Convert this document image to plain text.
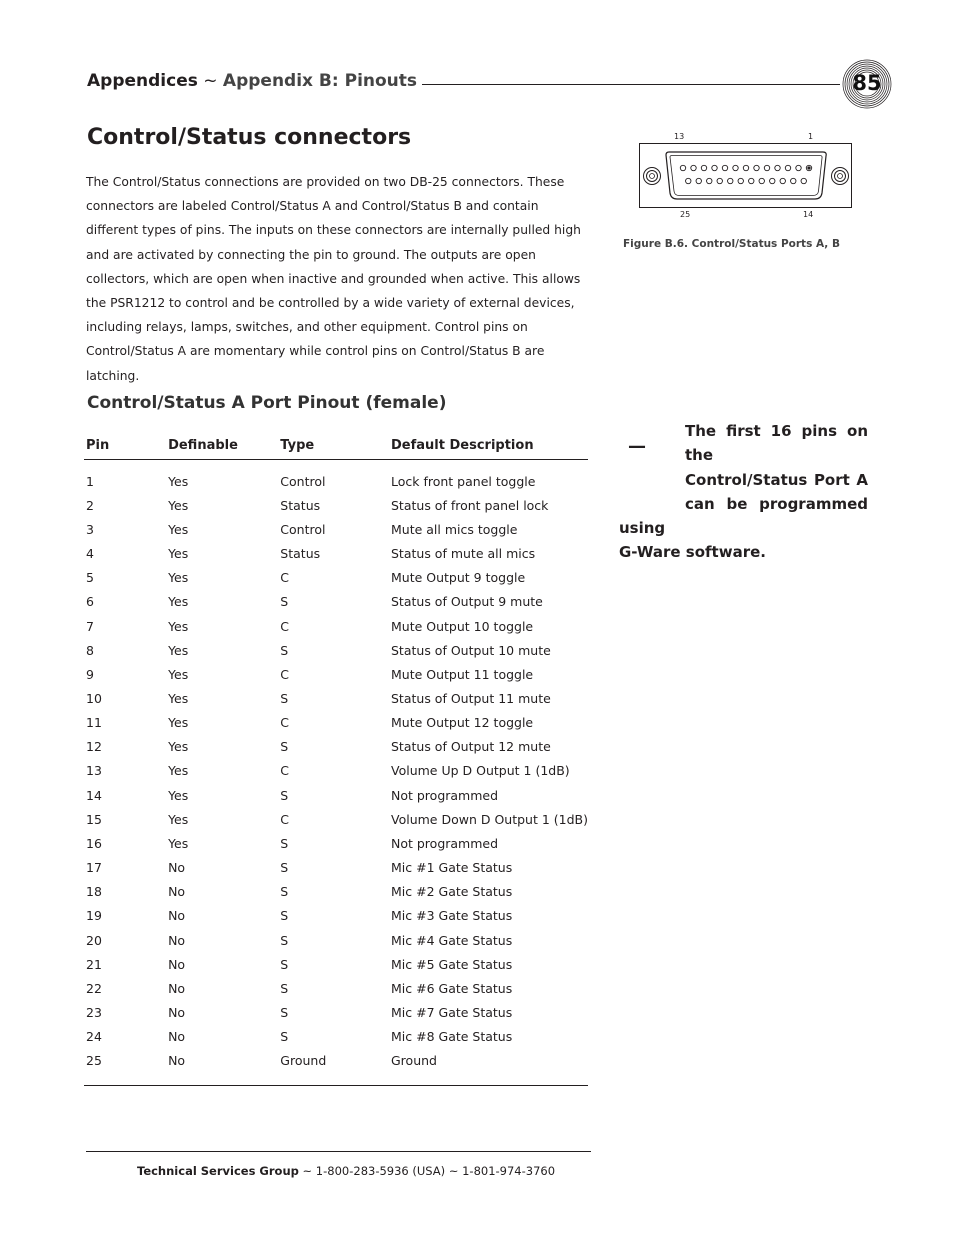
Appendices ~ Appendix B: Pinouts	85
Control/Status connectors

The Control/Status connections are provided on two DB-25 connectors. These connectors are labeled Control/Status A and Control/Status B and contain different types of pins. The inputs on these connectors are internally pulled high and are activated by connecting the pin to ground. The outputs are open collectors, which are open when inactive and grounded when active. This allows the PSR1212 to control and be controlled by a wide variety of external devices, including relays, lamps, switches, and other equipment. Control pins on Control/Status A are momentary while control pins on Control/Status B are latching.

13	1
25	14
Figure B.6. Control/Status Ports A, B
Control/Status A Port Pinout (female)
Pin	Definable	Type	Default Description

1	Yes	Control	Lock front panel toggle
2	Yes	Status	Status of front panel lock
3	Yes	Control	Mute all mics toggle
4	Yes	Status	Status of mute all mics
5	Yes	C	Mute Output 9 toggle
6	Yes	S	Status of Output 9 mute
7	Yes	C	Mute Output 10 toggle
8	Yes	S	Status of Output 10 mute
9	Yes	C	Mute Output 11 toggle
10	Yes	S	Status of Output 11 mute
11	Yes	C	Mute Output 12 toggle
12	Yes	S	Status of Output 12 mute
13	Yes	C	Volume Up D Output 1 (1dB)
14	Yes	S	Not programmed
15	Yes	C	Volume Down D Output 1 (1dB)
16	Yes	S	Not programmed
17	No	S	Mic #1 Gate Status
18	No	S	Mic #2 Gate Status
19	No	S	Mic #3 Gate Status
20	No	S	Mic #4 Gate Status
21	No	S	Mic #5 Gate Status
22	No	S	Mic #6 Gate Status
23	No	S	Mic #7 Gate Status
24	No	S	Mic #8 Gate Status
25	No	Ground	Ground

—

The first 16 pins on the
Control/Status Port A
can be programmed
using
G-Ware software.

Technical Services Group ~ 1-800-283-5936 (USA) ~ 1-801-974-3760
